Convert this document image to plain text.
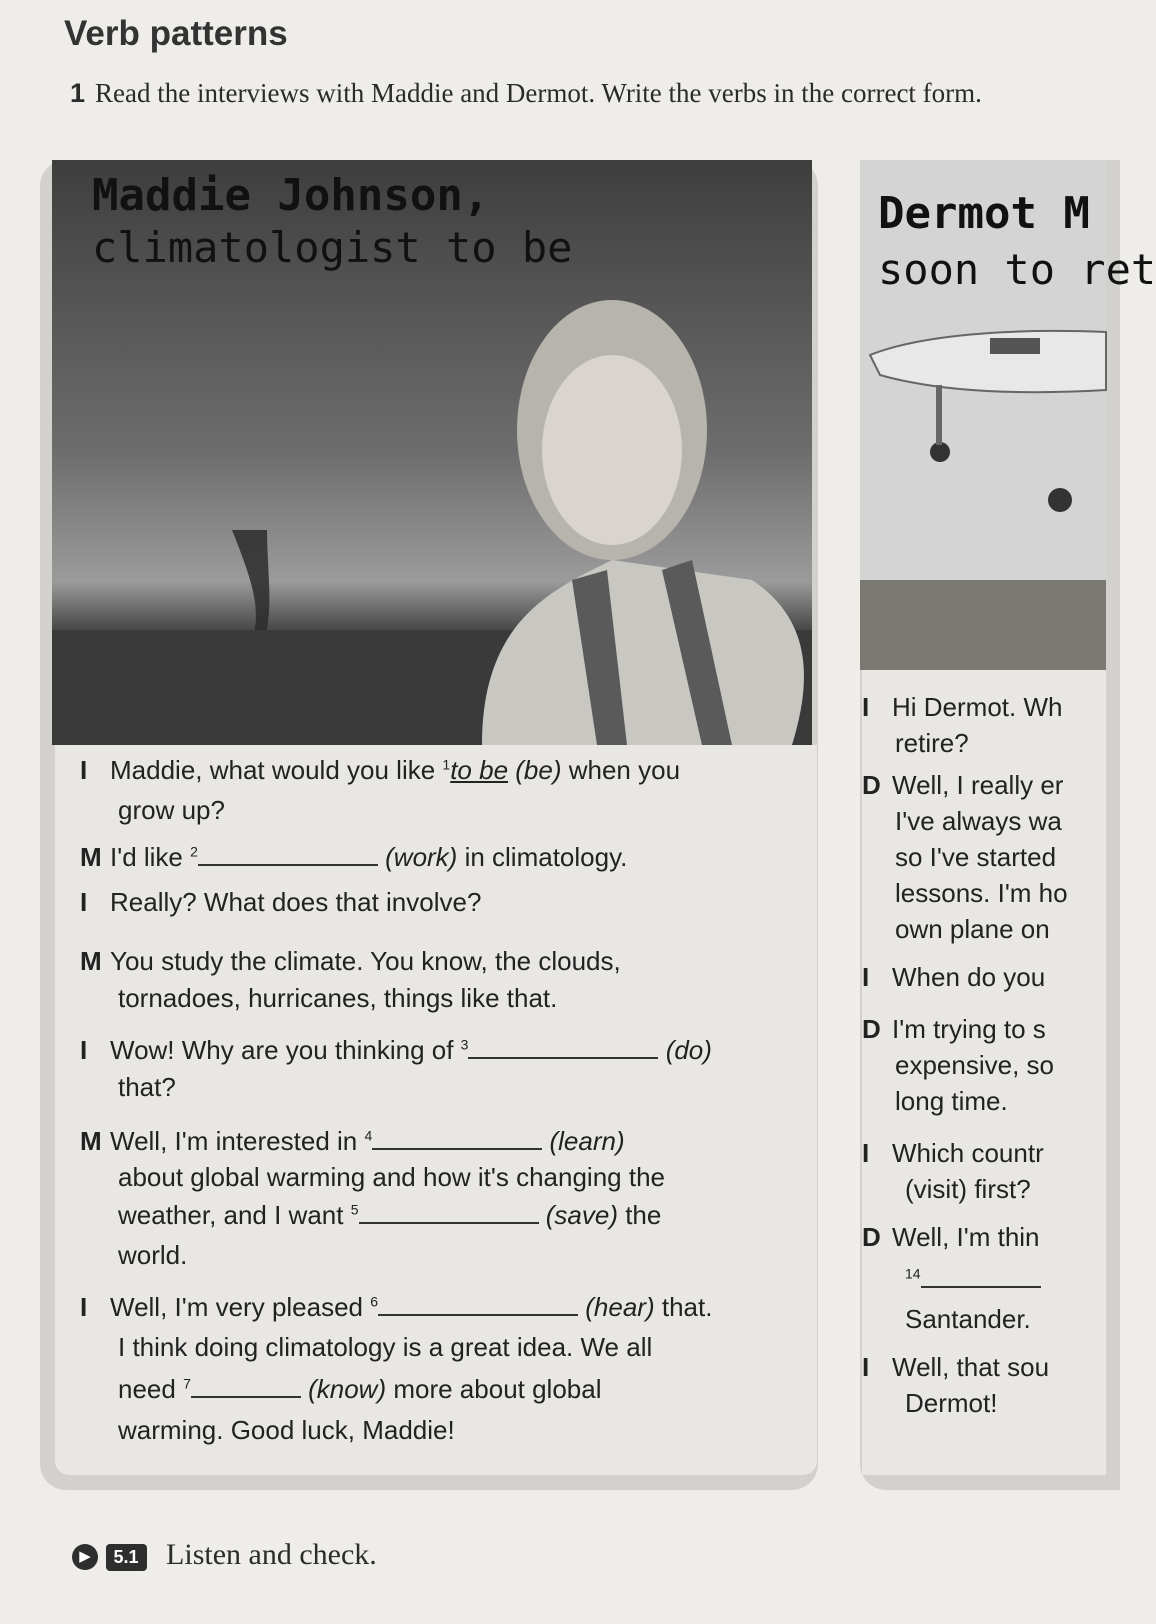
Verb patterns
1 Read the interviews with Maddie and Dermot. Write the verbs in the correct form.
Maddie Johnson,
climatologist to be
I Maddie, what would you like $^1$to be (be) when you
grow up?
M I'd like $^2$	(work) in climatology.
I Really? What does that involve?
M You study the climate. You know, the clouds,
tornadoes, hurricanes, things like that.
I Wow! Why are you thinking of $^3$	(do)
that?
M Well, I'm interested in $^4$	(learn)
about global warming and how it's changing the
weather, and I want $^5$	(save) the
world.
I Well, I'm very pleased $^6$	(hear) that.
I think doing climatology is a great idea. We all
need $^7$	(know) more about global
warming. Good luck, Maddie!
Dermot M
soon to ret
I Hi Dermot. Wh
retire?
D Well, I really er
I've always wa
so I've started
lessons. I'm ho
own plane on
I When do you
D I'm trying to s
expensive, so
long time.
I Which countr
(visit) first?
D Well, I'm thin
$^{14}$
Santander.
I Well, that sou
Dermot!
▶ 5.1 Listen and check.
